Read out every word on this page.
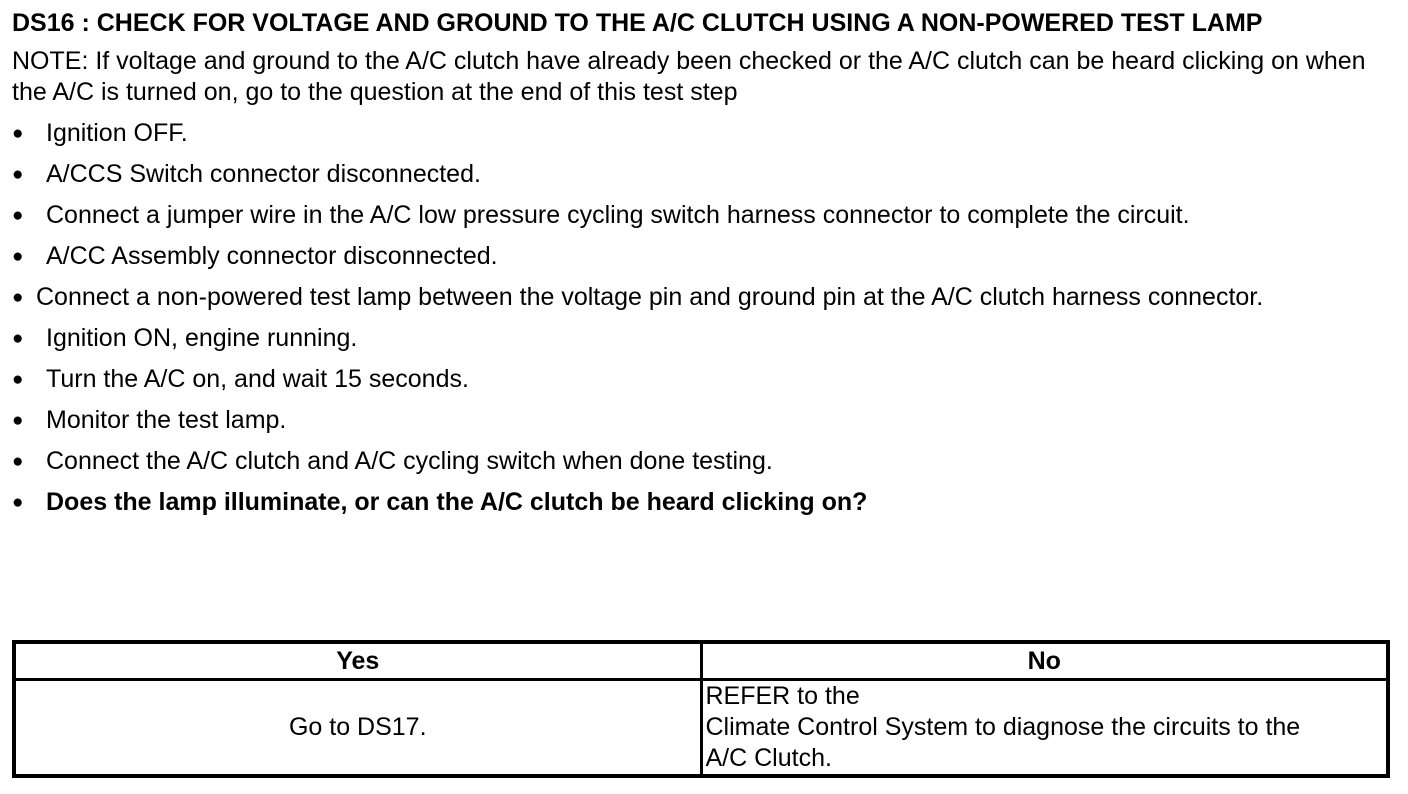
DS16 : CHECK FOR VOLTAGE AND GROUND TO THE A/C CLUTCH USING A NON-POWERED TEST LAMP
NOTE: If voltage and ground to the A/C clutch have already been checked or the A/C clutch can be heard clicking on when the A/C is turned on, go to the question at the end of this test step
● Ignition OFF.
● A/CCS Switch connector disconnected.
● Connect a jumper wire in the A/C low pressure cycling switch harness connector to complete the circuit.
● A/CC Assembly connector disconnected.
● Connect a non-powered test lamp between the voltage pin and ground pin at the A/C clutch harness connector.
● Ignition ON, engine running.
● Turn the A/C on, and wait 15 seconds.
● Monitor the test lamp.
● Connect the A/C clutch and A/C cycling switch when done testing.
● Does the lamp illuminate, or can the A/C clutch be heard clicking on?
Yes	No
Go to DS17.	REFER to the
Climate Control System to diagnose the circuits to the
A/C Clutch.
